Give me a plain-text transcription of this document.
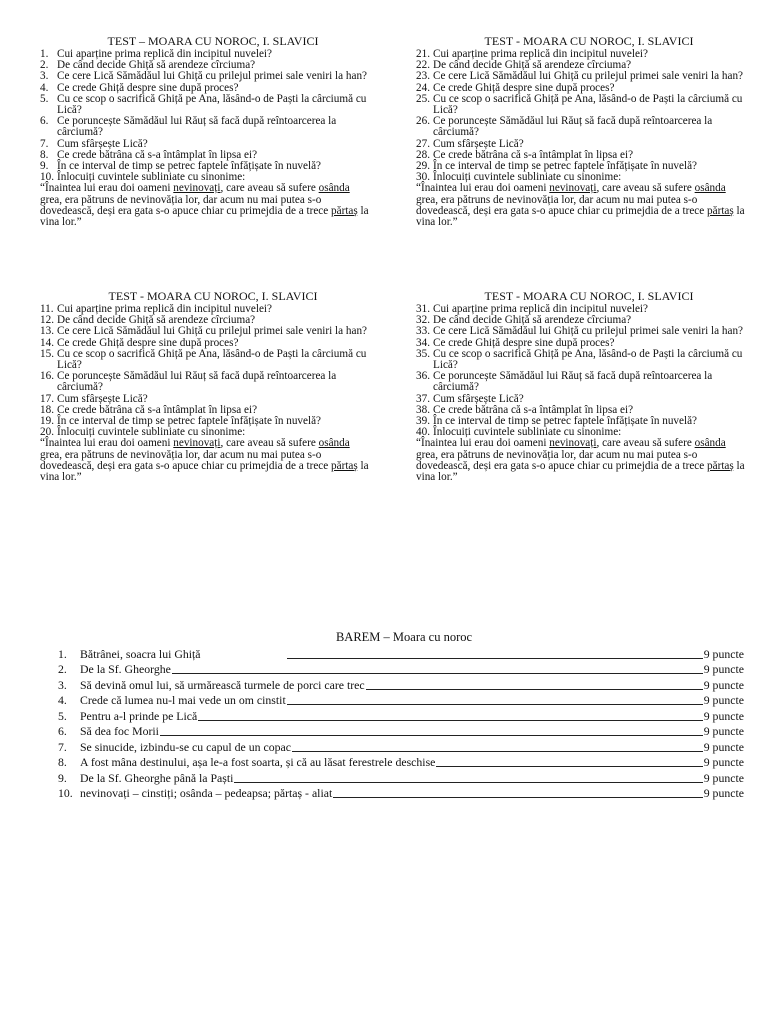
TEST – MOARA CU NOROC, I. SLAVICI
1. Cui aparține prima replică din incipitul nuvelei?
2. De când decide Ghiță să arendeze cîrciuma?
3. Ce cere Lică Sămădăul lui Ghiță cu prilejul primei sale veniri la han?
4. Ce crede Ghiță despre sine după proces?
5. Cu ce scop o sacrifică Ghiță pe Ana, lăsând-o de Paști la cârciumă cu Lică?
6. Ce poruncește Sămădăul lui Răuț să facă după reîntoarcerea la cârciumă?
7. Cum sfârșește Lică?
8. Ce crede bătrâna că s-a întâmplat în lipsa ei?
9. În ce interval de timp se petrec faptele înfățișate în nuvelă?
10. Înlocuiți cuvintele subliniate cu sinonime:

“Înaintea lui erau doi oameni nevinovați, care aveau să sufere osânda grea, era pătruns de nevinovăția lor, dar acum nu mai putea s-o dovedească, deși era gata s-o apuce chiar cu primejdia de a trece părtaș la vina lor.”

TEST - MOARA CU NOROC, I. SLAVICI
21. Cui aparține prima replică din incipitul nuvelei?
22. De când decide Ghiță să arendeze cîrciuma?
23. Ce cere Lică Sămădăul lui Ghiță cu prilejul primei sale veniri la han?
24. Ce crede Ghiță despre sine după proces?
25. Cu ce scop o sacrifică Ghiță pe Ana, lăsând-o de Paști la cârciumă cu Lică?
26. Ce poruncește Sămădăul lui Răuț să facă după reîntoarcerea la cârciumă?
27. Cum sfârșește Lică?
28. Ce crede bătrâna că s-a întâmplat în lipsa ei?
29. În ce interval de timp se petrec faptele înfățișate în nuvelă?
30. Înlocuiți cuvintele subliniate cu sinonime:

“Înaintea lui erau doi oameni nevinovați, care aveau să sufere osânda grea, era pătruns de nevinovăția lor, dar acum nu mai putea s-o dovedească, deși era gata s-o apuce chiar cu primejdia de a trece părtaș la vina lor.”

TEST - MOARA CU NOROC, I. SLAVICI
11. Cui aparține prima replică din incipitul nuvelei?
12. De când decide Ghiță să arendeze cîrciuma?
13. Ce cere Lică Sămădăul lui Ghiță cu prilejul primei sale veniri la han?
14. Ce crede Ghiță despre sine după proces?
15. Cu ce scop o sacrifică Ghiță pe Ana, lăsând-o de Paști la cârciumă cu Lică?
16. Ce poruncește Sămădăul lui Răuț să facă după reîntoarcerea la cârciumă?
17. Cum sfârșește Lică?
18. Ce crede bătrâna că s-a întâmplat în lipsa ei?
19. În ce interval de timp se petrec faptele înfățișate în nuvelă?
20. Înlocuiți cuvintele subliniate cu sinonime:

“Înaintea lui erau doi oameni nevinovați, care aveau să sufere osânda grea, era pătruns de nevinovăția lor, dar acum nu mai putea s-o dovedească, deși era gata s-o apuce chiar cu primejdia de a trece părtaș la vina lor.”

TEST - MOARA CU NOROC, I. SLAVICI
31. Cui aparține prima replică din incipitul nuvelei?
32. De când decide Ghiță să arendeze cîrciuma?
33. Ce cere Lică Sămădăul lui Ghiță cu prilejul primei sale veniri la han?
34. Ce crede Ghiță despre sine după proces?
35. Cu ce scop o sacrifică Ghiță pe Ana, lăsând-o de Paști la cârciumă cu Lică?
36. Ce poruncește Sămădăul lui Răuț să facă după reîntoarcerea la cârciumă?
37. Cum sfârșește Lică?
38. Ce crede bătrâna că s-a întâmplat în lipsa ei?
39. În ce interval de timp se petrec faptele înfățișate în nuvelă?
40. Înlocuiți cuvintele subliniate cu sinonime:

“Înaintea lui erau doi oameni nevinovați, care aveau să sufere osânda grea, era pătruns de nevinovăția lor, dar acum nu mai putea s-o dovedească, deși era gata s-o apuce chiar cu primejdia de a trece părtaș la vina lor.”

BAREM – Moara cu noroc
1.	Bătrânei, soacra lui Ghiță	9 puncte
2.	De la Sf. Gheorghe	9 puncte
3.	Să devină omul lui, să urmărească turmele de porci care trec	9 puncte
4.	Crede că lumea nu-l mai vede un om cinstit	9 puncte
5.	Pentru a-l prinde pe Lică	9 puncte
6.	Să dea foc Morii	9 puncte
7.	Se sinucide, izbindu-se cu capul de un copac	9 puncte
8.	A fost mâna destinului, așa le-a fost soarta, și că au lăsat ferestrele deschise	9 puncte
9.	De la Sf. Gheorghe până la Paști	9 puncte
10. nevinovați – cinstiți; osânda – pedeapsa; părtaș - aliat	9 puncte
